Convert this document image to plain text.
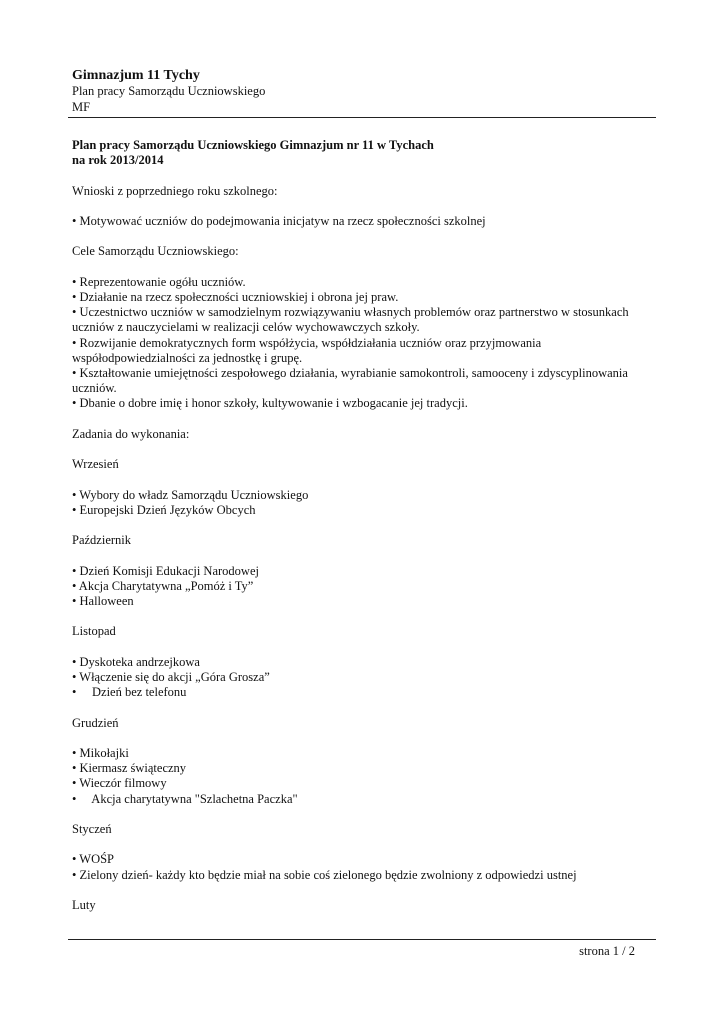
Gimnazjum 11 Tychy
Plan pracy Samorządu Uczniowskiego
MF

Plan pracy Samorządu Uczniowskiego Gimnazjum nr 11 w Tychach

na rok 2013/2014

Wnioski z poprzedniego roku szkolnego:

• Motywować uczniów do podejmowania inicjatyw na rzecz społeczności szkolnej

Cele Samorządu Uczniowskiego:

• Reprezentowanie ogółu uczniów.

• Działanie na rzecz społeczności uczniowskiej i obrona jej praw.

• Uczestnictwo uczniów w samodzielnym rozwiązywaniu własnych problemów oraz partnerstwo w stosunkach

uczniów z nauczycielami w realizacji celów wychowawczych szkoły.

• Rozwijanie demokratycznych form współżycia, współdziałania uczniów oraz przyjmowania

współodpowiedzialności za jednostkę i grupę.

• Kształtowanie umiejętności zespołowego działania, wyrabianie samokontroli, samooceny i zdyscyplinowania

uczniów.

• Dbanie o dobre imię i honor szkoły, kultywowanie i wzbogacanie jej tradycji.

Zadania do wykonania:

Wrzesień

• Wybory do władz Samorządu Uczniowskiego

• Europejski Dzień Języków Obcych

Październik

• Dzień Komisji Edukacji Narodowej

• Akcja Charytatywna „Pomóż i Ty”

• Halloween

Listopad

• Dyskoteka andrzejkowa

• Włączenie się do akcji „Góra Grosza”

•     Dzień bez telefonu

Grudzień

• Mikołajki

• Kiermasz świąteczny

• Wieczór filmowy

•     Akcja charytatywna "Szlachetna Paczka"

Styczeń

• WOŚP

• Zielony dzień- każdy kto będzie miał na sobie coś zielonego będzie zwolniony z odpowiedzi ustnej

Luty

strona 1 / 2
